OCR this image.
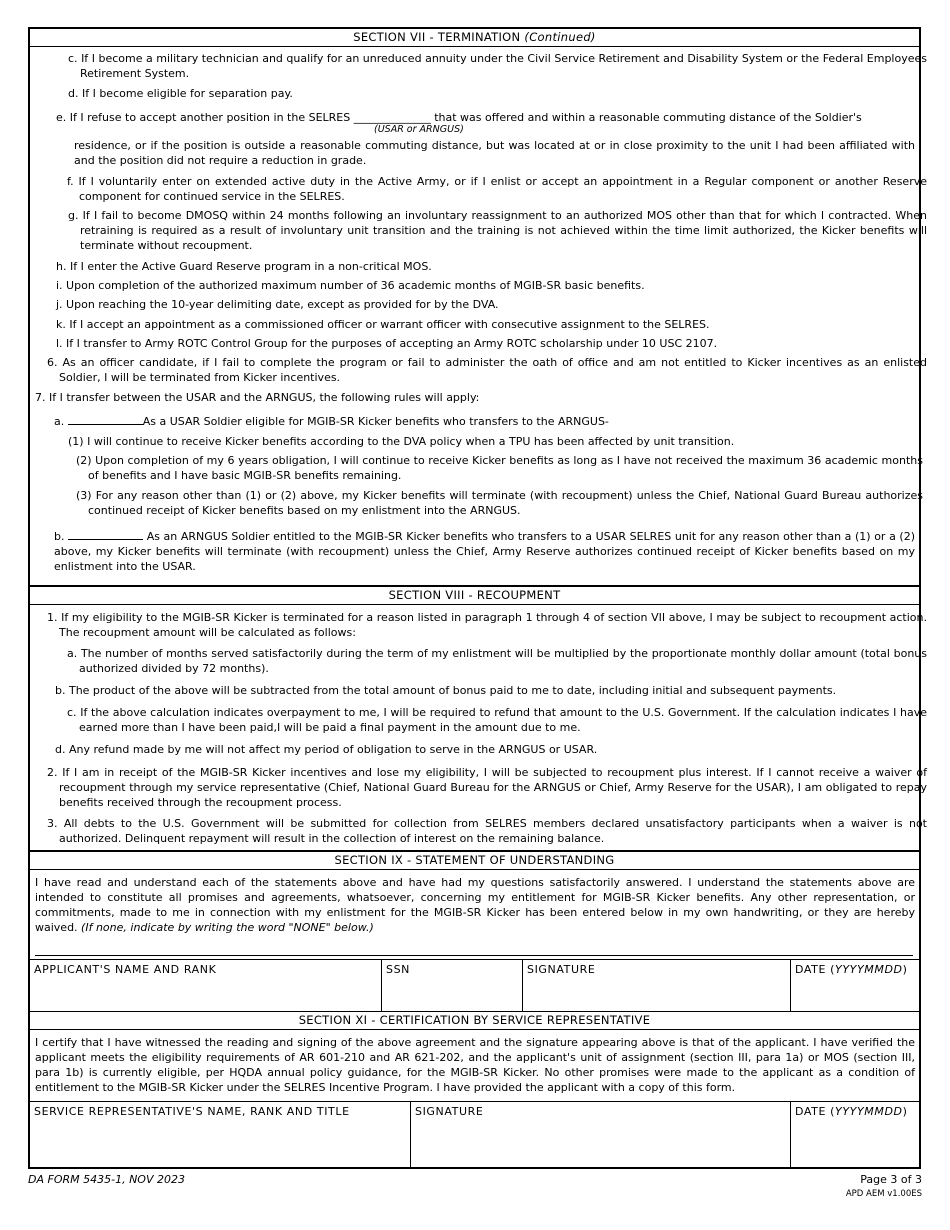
SECTION VII - TERMINATION (Continued)
c. If I become a military technician and qualify for an unreduced annuity under the Civil Service Retirement and Disability System or the Federal Employees Retirement System.
d. If I become eligible for separation pay.
e. If I refuse to accept another position in the SELRES ______________ that was offered and within a reasonable commuting distance of the Soldier's
(USAR or ARNGUS)
residence, or if the position is outside a reasonable commuting distance, but was located at or in close proximity to the unit I had been affiliated with and the position did not require a reduction in grade.
f. If I voluntarily enter on extended active duty in the Active Army, or if I enlist or accept an appointment in a Regular component or another Reserve component for continued service in the SELRES.
g. If I fail to become DMOSQ within 24 months following an involuntary reassignment to an authorized MOS other than that for which I contracted. When retraining is required as a result of involuntary unit transition and the training is not achieved within the time limit authorized, the Kicker benefits will terminate without recoupment.
h. If I enter the Active Guard Reserve program in a non-critical MOS.
i. Upon completion of the authorized maximum number of 36 academic months of MGIB-SR basic benefits.
j. Upon reaching the 10-year delimiting date, except as provided for by the DVA.
k. If I accept an appointment as a commissioned officer or warrant officer with consecutive assignment to the SELRES.
l. If I transfer to Army ROTC Control Group for the purposes of accepting an Army ROTC scholarship under 10 USC 2107.
6. As an officer candidate, if I fail to complete the program or fail to administer the oath of office and am not entitled to Kicker incentives as an enlisted Soldier, I will be terminated from Kicker incentives.
7. If I transfer between the USAR and the ARNGUS, the following rules will apply:
a.	As a USAR Soldier eligible for MGIB-SR Kicker benefits who transfers to the ARNGUS-
(1) I will continue to receive Kicker benefits according to the DVA policy when a TPU has been affected by unit transition.
(2) Upon completion of my 6 years obligation, I will continue to receive Kicker benefits as long as I have not received the maximum 36 academic months of benefits and I have basic MGIB-SR benefits remaining.
(3) For any reason other than (1) or (2) above, my Kicker benefits will terminate (with recoupment) unless the Chief, National Guard Bureau authorizes continued receipt of Kicker benefits based on my enlistment into the ARNGUS.
b.	As an ARNGUS Soldier entitled to the MGIB-SR Kicker benefits who transfers to a USAR SELRES unit for any reason other than a (1) or a (2) above, my Kicker benefits will terminate (with recoupment) unless the Chief, Army Reserve authorizes continued receipt of Kicker benefits based on my enlistment into the USAR.
SECTION VIII - RECOUPMENT
1. If my eligibility to the MGIB-SR Kicker is terminated for a reason listed in paragraph 1 through 4 of section VII above, I may be subject to recoupment action. The recoupment amount will be calculated as follows:
a. The number of months served satisfactorily during the term of my enlistment will be multiplied by the proportionate monthly dollar amount (total bonus authorized divided by 72 months).
b. The product of the above will be subtracted from the total amount of bonus paid to me to date, including initial and subsequent payments.
c. If the above calculation indicates overpayment to me, I will be required to refund that amount to the U.S. Government. If the calculation indicates I have earned more than I have been paid,I will be paid a final payment in the amount due to me.
d. Any refund made by me will not affect my period of obligation to serve in the ARNGUS or USAR.
2. If I am in receipt of the MGIB-SR Kicker incentives and lose my eligibility, I will be subjected to recoupment plus interest. If I cannot receive a waiver of recoupment through my service representative (Chief, National Guard Bureau for the ARNGUS or Chief, Army Reserve for the USAR), I am obligated to repay benefits received through the recoupment process.
3. All debts to the U.S. Government will be submitted for collection from SELRES members declared unsatisfactory participants when a waiver is not authorized. Delinquent repayment will result in the collection of interest on the remaining balance.
SECTION IX - STATEMENT OF UNDERSTANDING
I have read and understand each of the statements above and have had my questions satisfactorily answered. I understand the statements above are intended to constitute all promises and agreements, whatsoever, concerning my entitlement for MGIB-SR Kicker benefits. Any other representation, or commitments, made to me in connection with my enlistment for the MGIB-SR Kicker has been entered below in my own handwriting, or they are hereby waived. (If none, indicate by writing the word "NONE" below.)
APPLICANT'S NAME AND RANK	SSN	SIGNATURE	DATE (YYYYMMDD)
SECTION XI - CERTIFICATION BY SERVICE REPRESENTATIVE
I certify that I have witnessed the reading and signing of the above agreement and the signature appearing above is that of the applicant. I have verified the applicant meets the eligibility requirements of AR 601-210 and AR 621-202, and the applicant's unit of assignment (section III, para 1a) or MOS (section III, para 1b) is currently eligible, per HQDA annual policy guidance, for the MGIB-SR Kicker. No other promises were made to the applicant as a condition of entitlement to the MGIB-SR Kicker under the SELRES Incentive Program. I have provided the applicant with a copy of this form.
SERVICE REPRESENTATIVE'S NAME, RANK AND TITLE	SIGNATURE	DATE (YYYYMMDD)
DA FORM 5435-1, NOV 2023	Page 3 of 3
APD AEM v1.00ES
